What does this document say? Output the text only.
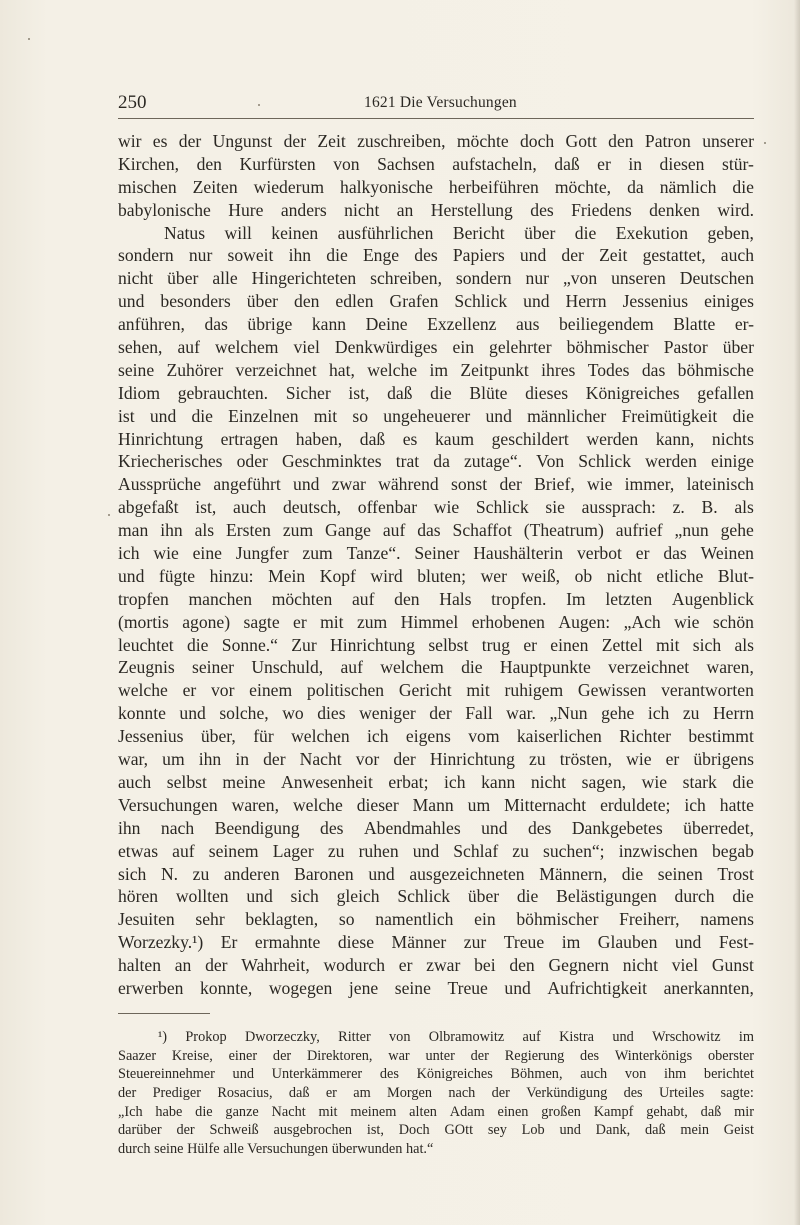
250	1621 Die Versuchungen
wir es der Ungunst der Zeit zuschreiben, möchte doch Gott den Patron unserer
Kirchen, den Kurfürsten von Sachsen aufstacheln, daß er in diesen stür-
mischen Zeiten wiederum halkyonische herbeiführen möchte, da nämlich die
babylonische Hure anders nicht an Herstellung des Friedens denken wird.
Natus will keinen ausführlichen Bericht über die Exekution geben,
sondern nur soweit ihn die Enge des Papiers und der Zeit gestattet, auch
nicht über alle Hingerichteten schreiben, sondern nur „von unseren Deutschen
und besonders über den edlen Grafen Schlick und Herrn Jessenius einiges
anführen, das übrige kann Deine Exzellenz aus beiliegendem Blatte er-
sehen, auf welchem viel Denkwürdiges ein gelehrter böhmischer Pastor über
seine Zuhörer verzeichnet hat, welche im Zeitpunkt ihres Todes das böhmische
Idiom gebrauchten. Sicher ist, daß die Blüte dieses Königreiches gefallen
ist und die Einzelnen mit so ungeheuerer und männlicher Freimütigkeit die
Hinrichtung ertragen haben, daß es kaum geschildert werden kann, nichts
Kriecherisches oder Geschminktes trat da zutage“. Von Schlick werden einige
Aussprüche angeführt und zwar während sonst der Brief, wie immer, lateinisch
abgefaßt ist, auch deutsch, offenbar wie Schlick sie aussprach: z. B. als
man ihn als Ersten zum Gange auf das Schaffot (Theatrum) aufrief „nun gehe
ich wie eine Jungfer zum Tanze“. Seiner Haushälterin verbot er das Weinen
und fügte hinzu: Mein Kopf wird bluten; wer weiß, ob nicht etliche Blut-
tropfen manchen möchten auf den Hals tropfen. Im letzten Augenblick
(mortis agone) sagte er mit zum Himmel erhobenen Augen: „Ach wie schön
leuchtet die Sonne.“ Zur Hinrichtung selbst trug er einen Zettel mit sich als
Zeugnis seiner Unschuld, auf welchem die Hauptpunkte verzeichnet waren,
welche er vor einem politischen Gericht mit ruhigem Gewissen verantworten
konnte und solche, wo dies weniger der Fall war. „Nun gehe ich zu Herrn
Jessenius über, für welchen ich eigens vom kaiserlichen Richter bestimmt
war, um ihn in der Nacht vor der Hinrichtung zu trösten, wie er übrigens
auch selbst meine Anwesenheit erbat; ich kann nicht sagen, wie stark die
Versuchungen waren, welche dieser Mann um Mitternacht erduldete; ich hatte
ihn nach Beendigung des Abendmahles und des Dankgebetes überredet,
etwas auf seinem Lager zu ruhen und Schlaf zu suchen“; inzwischen begab
sich N. zu anderen Baronen und ausgezeichneten Männern, die seinen Trost
hören wollten und sich gleich Schlick über die Belästigungen durch die
Jesuiten sehr beklagten, so namentlich ein böhmischer Freiherr, namens
Worzezky.¹) Er ermahnte diese Männer zur Treue im Glauben und Fest-
halten an der Wahrheit, wodurch er zwar bei den Gegnern nicht viel Gunst
erwerben konnte, wogegen jene seine Treue und Aufrichtigkeit anerkannten,
¹) Prokop Dworzeczky, Ritter von Olbramowitz auf Kistra und Wrschowitz im
Saazer Kreise, einer der Direktoren, war unter der Regierung des Winterkönigs oberster
Steuereinnehmer und Unterkämmerer des Königreiches Böhmen, auch von ihm berichtet
der Prediger Rosacius, daß er am Morgen nach der Verkündigung des Urteiles sagte:
„Ich habe die ganze Nacht mit meinem alten Adam einen großen Kampf gehabt, daß mir
darüber der Schweiß ausgebrochen ist, Doch GOtt sey Lob und Dank, daß mein Geist
durch seine Hülfe alle Versuchungen überwunden hat.“
